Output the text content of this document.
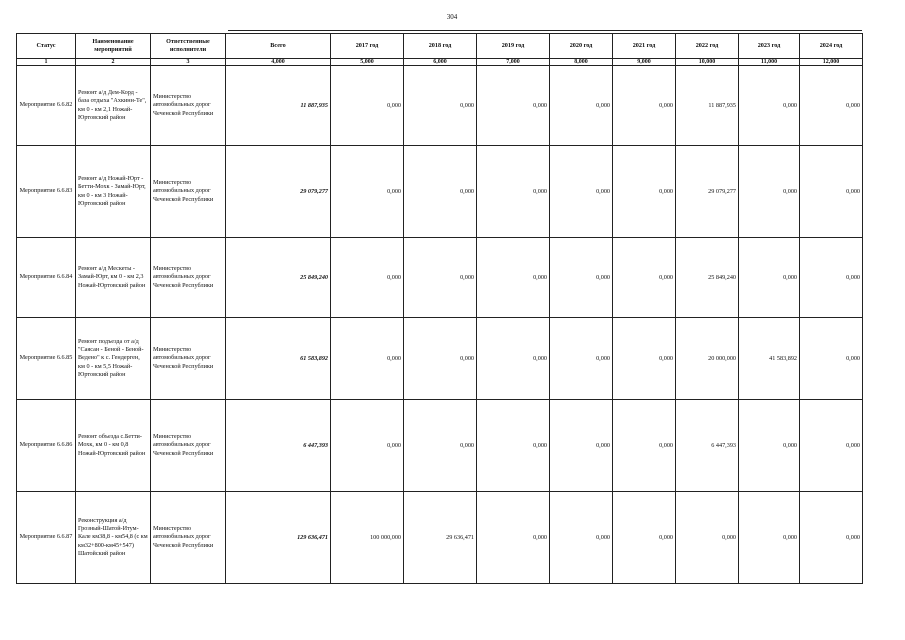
304
Статус	Наименование мероприятий	Ответственные исполнители	Всего	2017 год	2018 год	2019 год	2020 год	2021 год	2022 год	2023 год	2024 год
1	2	3	4,000	5,000	6,000	7,000	8,000	9,000	10,000	11,000	12,000
Мероприятие 6.6.82	Ремонт а/д Дем-Корд - база отдыха "Ахкинн-Те", км 0 - км 2,1 Ножай-Юртовский район	Министерство автомобильных дорог Чеченской Республики	11 887,935	0,000	0,000	0,000	0,000	0,000	11 887,935	0,000	0,000
Мероприятие 6.6.83	Ремонт а/д Ножай-Юрт - Бетти-Мохк - Замай-Юрт, км 0 - км 3 Ножай-Юртовский район	Министерство автомобильных дорог Чеченской Республики	29 079,277	0,000	0,000	0,000	0,000	0,000	29 079,277	0,000	0,000
Мероприятие 6.6.84	Ремонт а/д Мескеты - Замай-Юрт, км 0 - км 2,3 Ножай-Юртовский район	Министерство автомобильных дорог Чеченской Республики	25 849,240	0,000	0,000	0,000	0,000	0,000	25 849,240	0,000	0,000
Мероприятие 6.6.85	Ремонт подъезда от а/д "Саясан - Беной - Беной-Ведено" к с. Гендерген, км 0 - км 5,5 Ножай-Юртовский район	Министерство автомобильных дорог Чеченской Республики	61 583,892	0,000	0,000	0,000	0,000	0,000	20 000,000	41 583,892	0,000
Мероприятие 6.6.86	Ремонт объезда с.Бетти-Мохк, км 0 - км 0,8 Ножай-Юртовский район	Министерство автомобильных дорог Чеченской Республики	6 447,393	0,000	0,000	0,000	0,000	0,000	6 447,393	0,000	0,000
Мероприятие 6.6.87	Реконструкция а/д Грозный-Шатой-Итум-Кале км38,8 - км54,8 (с км км32+800-км45+547) Шатойский район	Министерство автомобильных дорог Чеченской Республики	129 636,471	100 000,000	29 636,471	0,000	0,000	0,000	0,000	0,000	0,000
